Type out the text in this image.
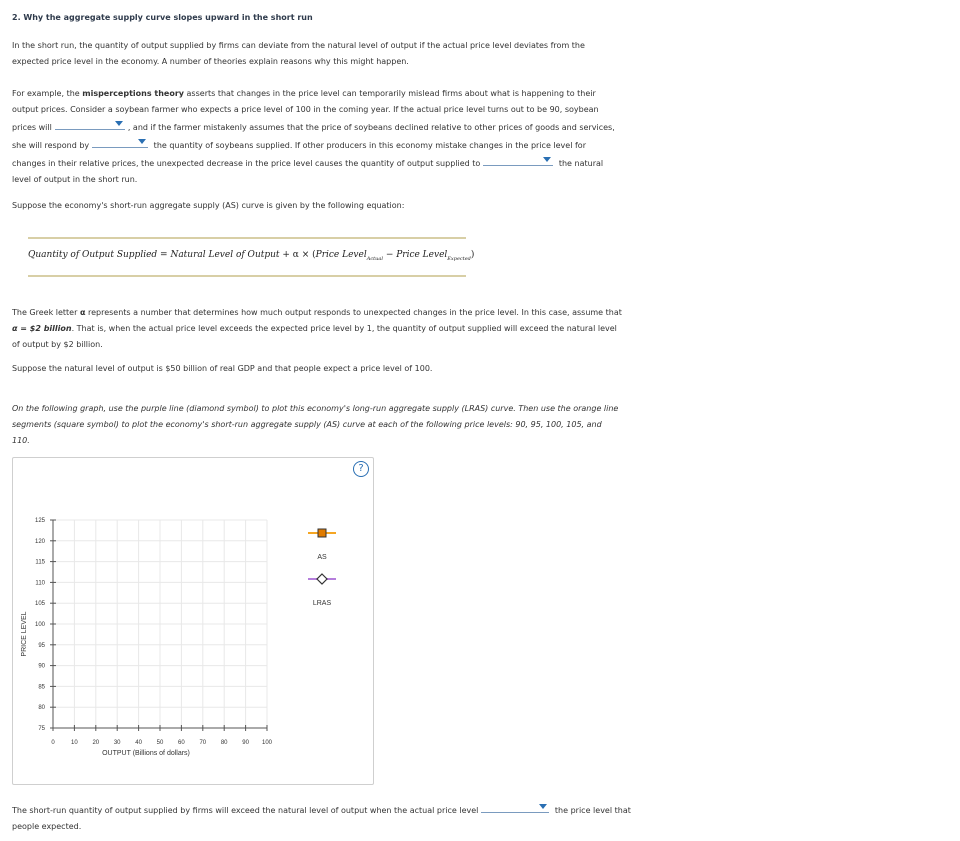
2. Why the aggregate supply curve slopes upward in the short run
In the short run, the quantity of output supplied by firms can deviate from the natural level of output if the actual price level deviates from the expected price level in the economy. A number of theories explain reasons why this might happen.
For example, the misperceptions theory asserts that changes in the price level can temporarily mislead firms about what is happening to their output prices. Consider a soybean farmer who expects a price level of 100 in the coming year. If the actual price level turns out to be 90, soybean prices will	, and if the farmer mistakenly assumes that the price of soybeans declined relative to other prices of goods and services, she will respond by	the quantity of soybeans supplied. If other producers in this economy mistake changes in the price level for changes in their relative prices, the unexpected decrease in the price level causes the quantity of output supplied to	the natural level of output in the short run.
Suppose the economy's short-run aggregate supply (AS) curve is given by the following equation:
Quantity of Output Supplied = Natural Level of Output + α × (Price Level$_{Actual}$ − Price Level$_{Expected}$)
The Greek letter α represents a number that determines how much output responds to unexpected changes in the price level. In this case, assume that α = $2 billion. That is, when the actual price level exceeds the expected price level by 1, the quantity of output supplied will exceed the natural level of output by $2 billion.
Suppose the natural level of output is $50 billion of real GDP and that people expect a price level of 100.
On the following graph, use the purple line (diamond symbol) to plot this economy's long-run aggregate supply (LRAS) curve. Then use the orange line segments (square symbol) to plot the economy's short-run aggregate supply (AS) curve at each of the following price levels: 90, 95, 100, 105, and 110.
?
125
120
115
110
105
100
95
90
85
80
75
0	10 20 30 40 50 60 70 80 90 100
PRICE LEVEL
OUTPUT (Billions of dollars)
AS
LRAS
The short-run quantity of output supplied by firms will exceed the natural level of output when the actual price level	the price level that people expected.
